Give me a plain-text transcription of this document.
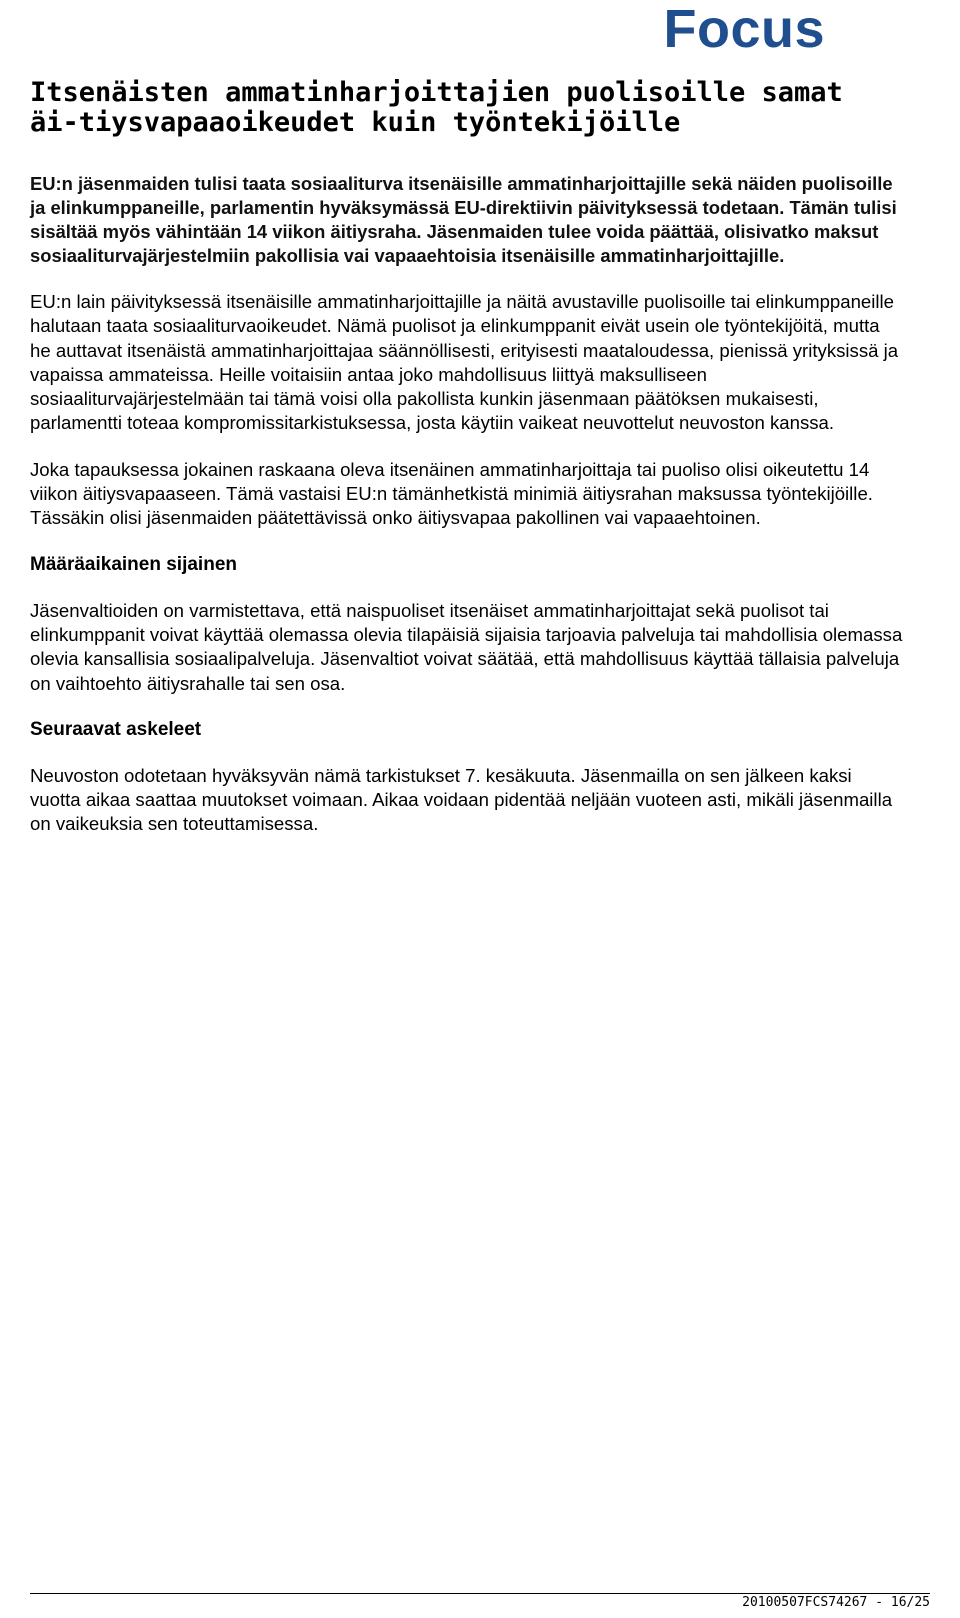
Focus
Itsenäisten ammatinharjoittajien puolisoille samat äi-tiysvapaaoikeudet kuin työntekijöille

EU:n jäsenmaiden tulisi taata sosiaaliturva itsenäisille ammatinharjoittajille sekä näiden puolisoille ja elinkumppaneille, parlamentin hyväksymässä EU-direktiivin päivityksessä todetaan. Tämän tulisi sisältää myös vähintään 14 viikon äitiysraha. Jäsenmaiden tulee voida päättää, olisivatko maksut sosiaaliturvajärjestelmiin pakollisia vai vapaaehtoisia itsenäisille ammatinharjoittajille.

EU:n lain päivityksessä itsenäisille ammatinharjoittajille ja näitä avustaville puolisoille tai elinkumppaneille halutaan taata sosiaaliturvaoikeudet. Nämä puolisot ja elinkumppanit eivät usein ole työntekijöitä, mutta he auttavat itsenäistä ammatinharjoittajaa säännöllisesti, erityisesti maataloudessa, pienissä yrityksissä ja vapaissa ammateissa. Heille voitaisiin antaa joko mahdollisuus liittyä maksulliseen sosiaaliturvajärjestelmään tai tämä voisi olla pakollista kunkin jäsenmaan päätöksen mukaisesti, parlamentti toteaa kompromissitarkistuksessa, josta käytiin vaikeat neuvottelut neuvoston kanssa.

Joka tapauksessa jokainen raskaana oleva itsenäinen ammatinharjoittaja tai puoliso olisi oikeutettu 14 viikon äitiysvapaaseen. Tämä vastaisi EU:n tämänhetkistä minimiä äitiysrahan maksussa työntekijöille. Tässäkin olisi jäsenmaiden päätettävissä onko äitiysvapaa pakollinen vai vapaaehtoinen.

Määräaikainen sijainen

Jäsenvaltioiden on varmistettava, että naispuoliset itsenäiset ammatinharjoittajat sekä puolisot tai elinkumppanit voivat käyttää olemassa olevia tilapäisiä sijaisia tarjoavia palveluja tai mahdollisia olemassa olevia kansallisia sosiaalipalveluja. Jäsenvaltiot voivat säätää, että mahdollisuus käyttää tällaisia palveluja on vaihtoehto äitiysrahalle tai sen osa.

Seuraavat askeleet

Neuvoston odotetaan hyväksyvän nämä tarkistukset 7. kesäkuuta. Jäsenmailla on sen jälkeen kaksi vuotta aikaa saattaa muutokset voimaan. Aikaa voidaan pidentää neljään vuoteen asti, mikäli jäsenmailla on vaikeuksia sen toteuttamisessa.

20100507FCS74267 - 16/25
